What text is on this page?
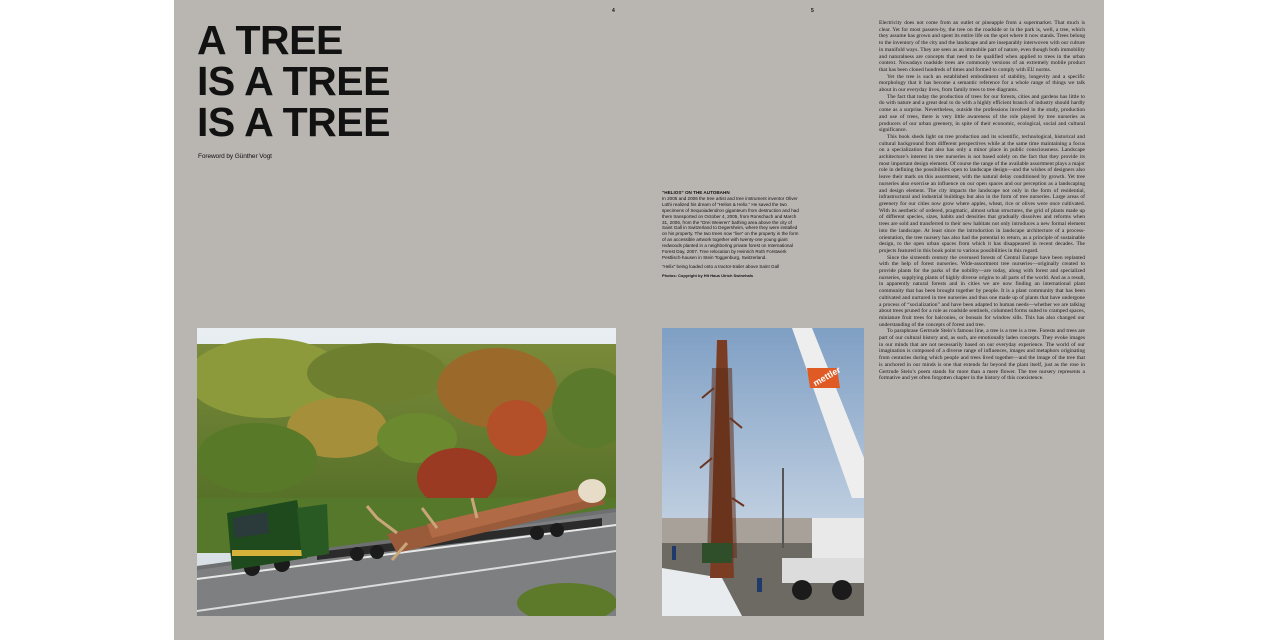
4	5
A TREE
IS A TREE
IS A TREE
Foreword by Günther Vogt

“HELIOS” ON THE AUTOBAHN
In 2005 and 2006 the tree artist and tree instrument inventor Oliver Lüthi realized his dream of “Helios & Helix.” He saved the two specimens of Sequoiadendron giganteum from destruction and had them transported on October 4, 2005, from Ronschach and March 31, 2006, from the “Drei Weieren” bathing area above the city of Saint Gall in Switzerland to Degersheim, where they were installed on his property. The two trees now “live” on the property in the form of an accessible artwork together with twenty-one young giant redwoods planted in a neighboring private forest on International Forest Day, 2007. Tree relocation by Heinrich Roth Forstwerk Pestlisch-hausen in Stein Toggenburg, Switzerland.

“Helix” being loaded onto a tractor-trailer above Saint Gall

Photos: Copyright by Hit Haus Ulrich Swinehals

mettler

Electricity does not come from an outlet or pineapple from a supermarket. That much is clear. Yet for most passers-by, the tree on the roadside or in the park is, well, a tree, which they assume has grown and spent its entire life on the spot where it now stands. Trees belong to the inventory of the city and the landscape and are inseparably interwoven with our culture in manifold ways. They are seen as an immobile part of nature, even though both immobility and naturalness are concepts that need to be qualified when applied to trees in the urban context. Nowadays roadside trees are commonly versions of an extremely mobile product that has been cloned hundreds of times and formed to comply with EU norms.

Yet the tree is such an established embodiment of stability, longevity and a specific morphology that it has become a semantic reference for a whole range of things we talk about in our everyday lives, from family trees to tree diagrams.

The fact that today the production of trees for our forests, cities and gardens has little to do with nature and a great deal to do with a highly efficient branch of industry should hardly come as a surprise. Nevertheless, outside the professions involved in the study, production and use of trees, there is very little awareness of the role played by tree nurseries as producers of our urban greenery, in spite of their economic, ecological, social and cultural significance.

This book sheds light on tree production and its scientific, technological, historical and cultural background from different perspectives while at the same time maintaining a focus on a specialization that also has only a minor place in public consciousness. Landscape architecture’s interest in tree nurseries is not based solely on the fact that they provide its most important design element. Of course the range of the available assortment plays a major role in defining the possibilities open to landscape design—and the wishes of designers also leave their mark on this assortment, with the natural delay conditioned by growth. Yet tree nurseries also exercise an influence on our open spaces and our perception as a landscaping and design element. The city impacts the landscape not only in the form of residential, infrastructural and industrial buildings but also in the form of tree nurseries. Large areas of greenery for our cities now grow where apples, wheat, rice or olives were once cultivated. With its aesthetic of ordered, pragmatic, almost urban structures, the grid of plants made up of different species, sizes, habits and densities that gradually dissolves and reforms when trees are sold and transferred to their new habitats not only introduces a new formal element into the landscape. At least since the introduction in landscape architecture of a process-orientation, the tree nursery has also had the potential to return, as a principle of sustainable design, to the open urban spaces from which it has disappeared in recent decades. The projects featured in this book point to various possibilities in this regard.

Since the sixteenth century the overused forests of Central Europe have been replanted with the help of forest nurseries. Wide-assortment tree nurseries—originally created to provide plants for the parks of the nobility—are today, along with forest and specialized nurseries, supplying plants of highly diverse origins to all parts of the world. And as a result, in apparently natural forests and in cities we are now finding an international plant community that has been brought together by people. It is a plant community that has been cultivated and nurtured in tree nurseries and thus one made up of plants that have undergone a process of “socialization” and have been adapted to human needs—whether we are talking about trees pruned for a role as roadside sentinels, columned forms suited to cramped spaces, miniature fruit trees for balconies, or bonsais for window sills. This has also changed our understanding of the concepts of forest and tree.

To paraphrase Gertrude Stein’s famous line, a tree is a tree is a tree. Forests and trees are part of our cultural history and, as such, are emotionally laden concepts. They evoke images in our minds that are not necessarily based on our everyday experience. The world of our imagination is composed of a diverse range of influences, images and metaphors originating from centuries during which people and trees lived together—and the image of the tree that is anchored in our minds is one that extends far beyond the plant itself, just as the rose in Gertrude Stein’s poem stands for more than a mere flower. The tree nursery represents a formative and yet often forgotten chapter in the history of this coexistence.
